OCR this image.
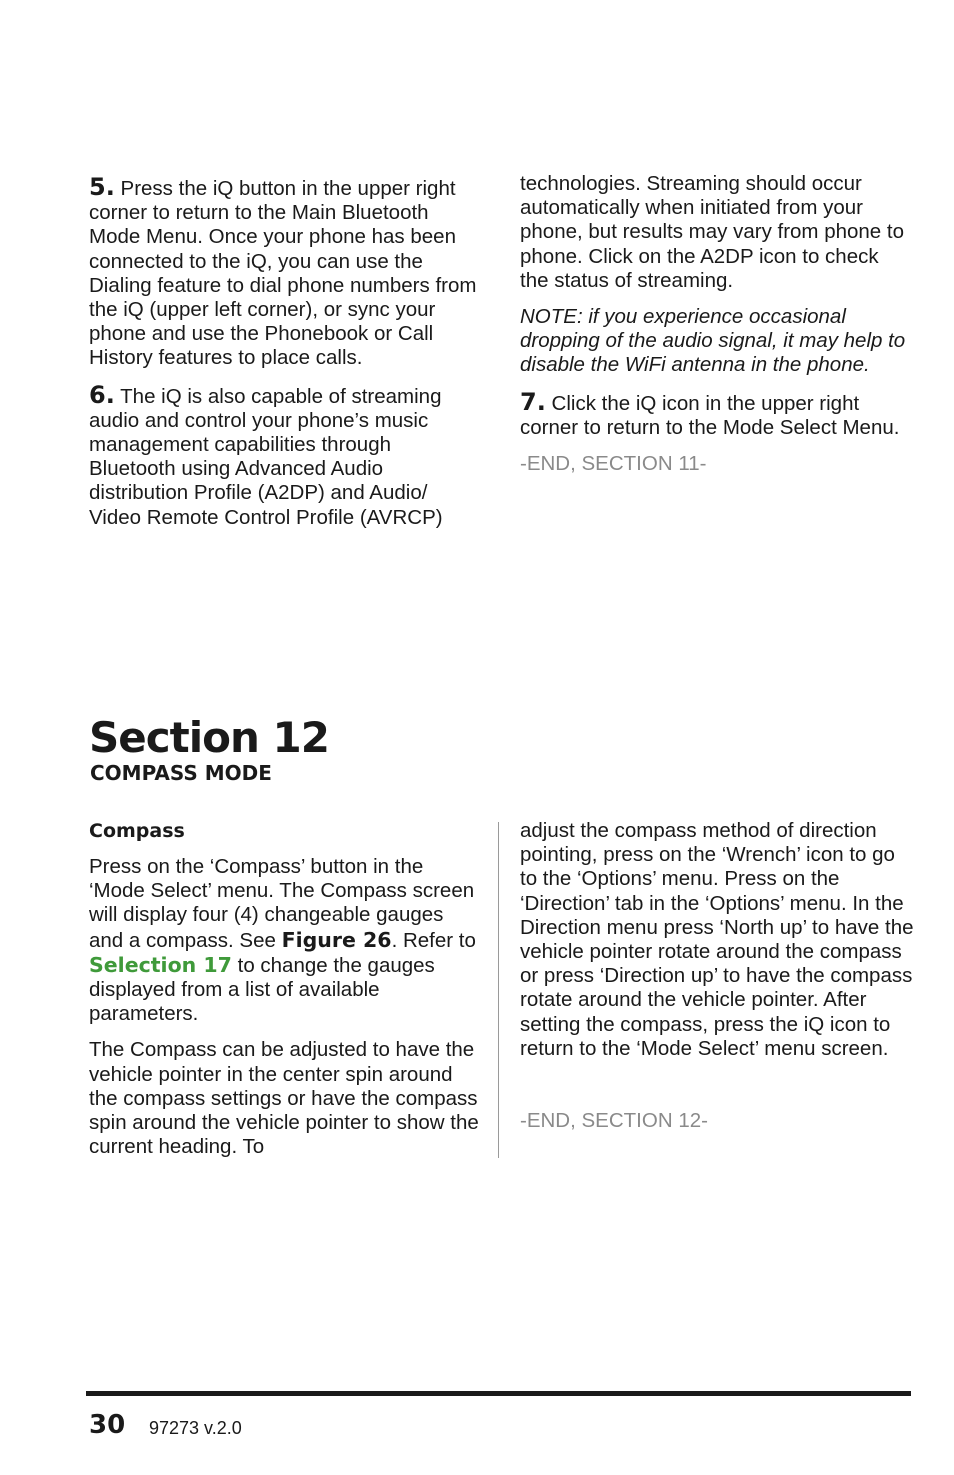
5. Press the iQ button in the upper right corner to return to the Main Bluetooth Mode Menu. Once your phone has been connected to the iQ, you can use the Dialing feature to dial phone numbers from the iQ (upper left corner), or sync your phone and use the Phonebook or Call History features to place calls.

6. The iQ is also capable of streaming audio and control your phone’s music management capabilities through Bluetooth using Advanced Audio distribution Profile (A2DP) and Audio/ Video Remote Control Profile (AVRCP)

technologies. Streaming should occur automatically when initiated from your phone, but results may vary from phone to phone. Click on the A2DP icon to check the status of streaming.

NOTE: if you experience occasional dropping of the audio signal, it may help to disable the WiFi antenna in the phone.

7. Click the iQ icon in the upper right corner to return to the Mode Select Menu.

-END, SECTION 11-

Section 12
COMPASS MODE
Compass

Press on the ‘Compass’ button in the ‘Mode Select’ menu. The Compass screen will display four (4) changeable gauges and a compass. See Figure 26. Refer to Selection 17 to change the gauges displayed from a list of available parameters.

The Compass can be adjusted to have the vehicle pointer in the center spin around the compass settings or have the compass spin around the vehicle pointer to show the current heading. To

adjust the compass method of direction pointing, press on the ‘Wrench’ icon to go to the ‘Options’ menu. Press on the ‘Direction’ tab in the ‘Options’ menu. In the Direction menu press ‘North up’ to have the vehicle pointer rotate around the compass or press ‘Direction up’ to have the compass rotate around the vehicle pointer. After setting the compass, press the iQ icon to return to the ‘Mode Select’ menu screen.

-END, SECTION 12-

30 97273 v.2.0
